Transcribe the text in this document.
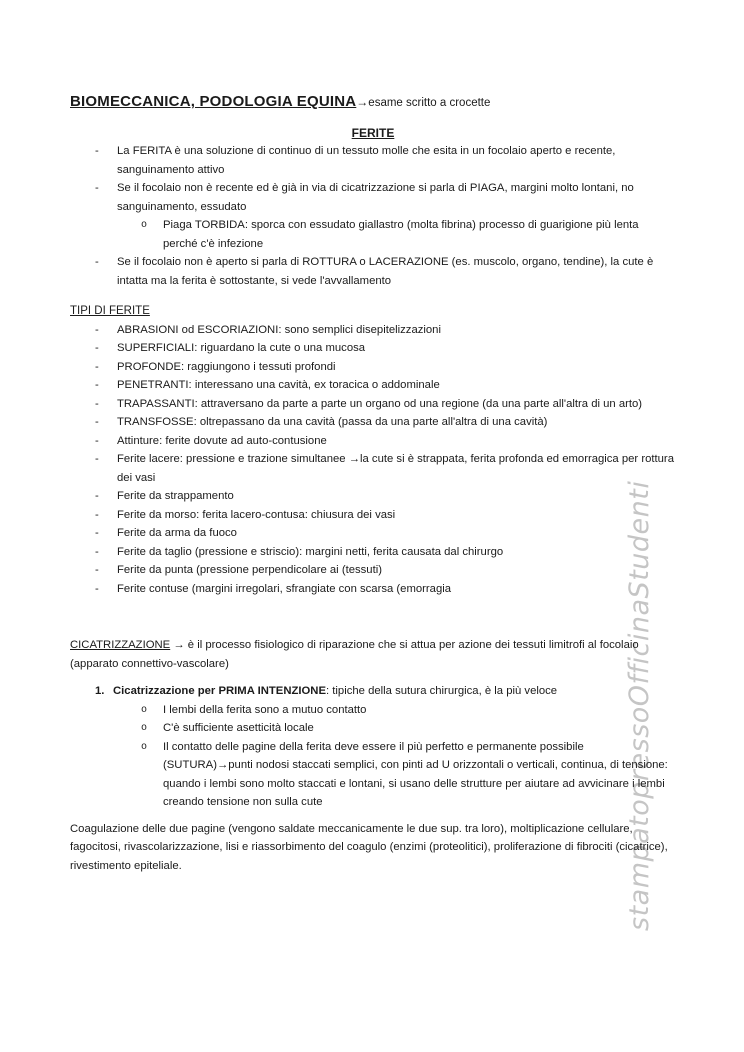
stampatopressoOfficinaStudenti

BIOMECCANICA, PODOLOGIA EQUINA→esame scritto a crocette

FERITE
- La FERITA è una soluzione di continuo di un tessuto molle che esita in un focolaio aperto e recente, sanguinamento attivo
- Se il focolaio non è recente ed è già in via di cicatrizzazione si parla di PIAGA, margini molto lontani, no sanguinamento, essudato
o Piaga TORBIDA: sporca con essudato giallastro (molta fibrina) processo di guarigione più lenta perché c'è infezione
- Se il focolaio non è aperto si parla di ROTTURA o LACERAZIONE (es. muscolo, organo, tendine), la cute è intatta ma la ferita è sottostante, si vede l'avvallamento
TIPI DI FERITE
- ABRASIONI od ESCORIAZIONI: sono semplici disepitelizzazioni
- SUPERFICIALI: riguardano la cute o una mucosa
- PROFONDE: raggiungono i tessuti profondi
- PENETRANTI: interessano una cavità, ex toracica o addominale
- TRAPASSANTI: attraversano da parte a parte un organo od una regione (da una parte all'altra di un arto)
- TRANSFOSSE: oltrepassano da una cavità (passa da una parte all'altra di una cavità)
- Attinture: ferite dovute ad auto-contusione
- Ferite lacere: pressione e trazione simultanee →la cute si è strappata, ferita profonda ed emorragica per rottura dei vasi
- Ferite da strappamento
- Ferite da morso: ferita lacero-contusa: chiusura dei vasi
- Ferite da arma da fuoco
- Ferite da taglio (pressione e striscio): margini netti, ferita causata dal chirurgo
- Ferite da punta (pressione perpendicolare ai (tessuti)
- Ferite contuse (margini irregolari, sfrangiate con scarsa (emorragia

CICATRIZZAZIONE → è il processo fisiologico di riparazione che si attua per azione dei tessuti limitrofi al focolaio (apparato connettivo-vascolare)

1. Cicatrizzazione per PRIMA INTENZIONE: tipiche della sutura chirurgica, è la più veloce
o I lembi della ferita sono a mutuo contatto
o C'è sufficiente asetticità locale
o Il contatto delle pagine della ferita deve essere il più perfetto e permanente possibile (SUTURA)→punti nodosi staccati semplici, con pinti ad U orizzontali o verticali, continua, di tensione: quando i lembi sono molto staccati e lontani, si usano delle strutture per aiutare ad avvicinare i lembi creando tensione non sulla cute

Coagulazione delle due pagine (vengono saldate meccanicamente le due sup. tra loro), moltiplicazione cellulare, fagocitosi, rivascolarizzazione, lisi e riassorbimento del coagulo (enzimi (proteolitici), proliferazione di fibrociti (cicatrice), rivestimento epiteliale.
